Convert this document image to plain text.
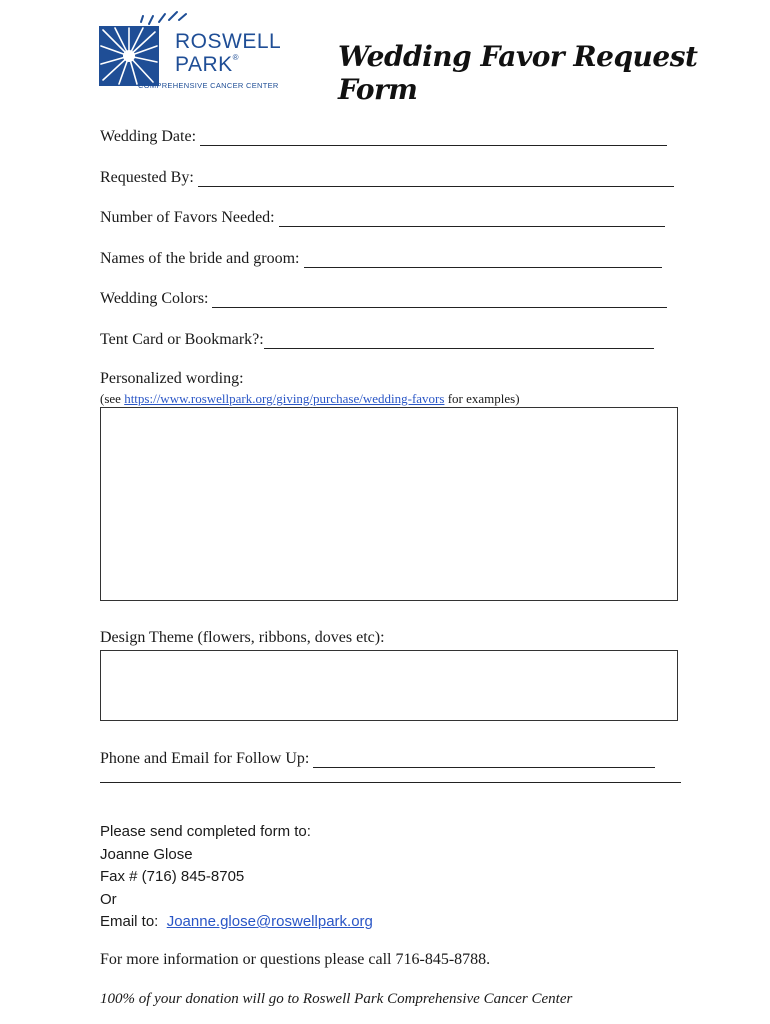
ROSWELL
PARK®
COMPREHENSIVE CANCER CENTER
Wedding Favor Request Form
Wedding Date:
Requested By:
Number of Favors Needed:
Names of the bride and groom:
Wedding Colors:
Tent Card or Bookmark?:
Personalized wording:
(see https://www.roswellpark.org/giving/purchase/wedding-favors for examples)
Design Theme (flowers, ribbons, doves etc):
Phone and Email for Follow Up:
Please send completed form to:
Joanne Glose
Fax # (716) 845-8705
Or
Email to: Joanne.glose@roswellpark.org
For more information or questions please call 716-845-8788.
100% of your donation will go to Roswell Park Comprehensive Cancer Center
